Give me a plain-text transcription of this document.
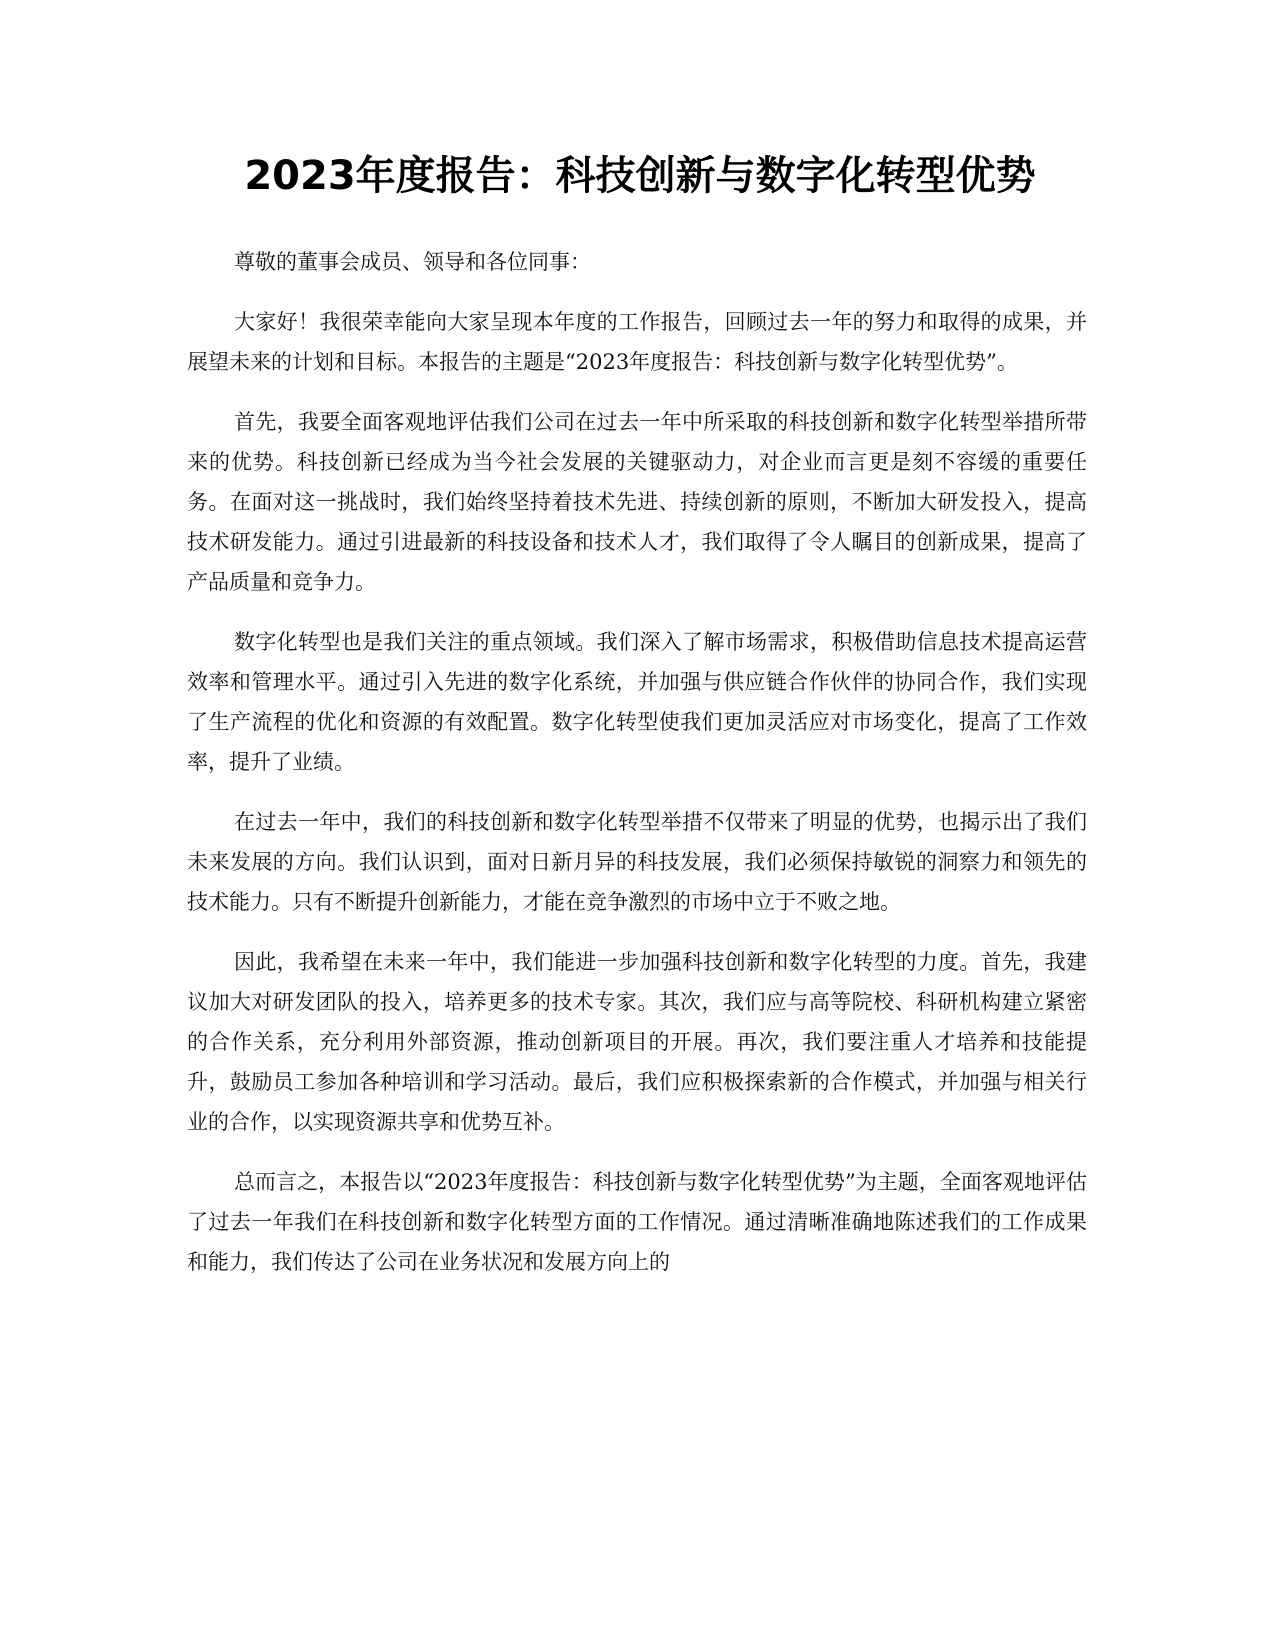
2023年度报告：科技创新与数字化转型优势

尊敬的董事会成员、领导和各位同事：

大家好！我很荣幸能向大家呈现本年度的工作报告，回顾过去一年的努力和取得的成果，并展望未来的计划和目标。本报告的主题是“2023年度报告：科技创新与数字化转型优势”。

首先，我要全面客观地评估我们公司在过去一年中所采取的科技创新和数字化转型举措所带来的优势。科技创新已经成为当今社会发展的关键驱动力，对企业而言更是刻不容缓的重要任务。在面对这一挑战时，我们始终坚持着技术先进、持续创新的原则，不断加大研发投入，提高技术研发能力。通过引进最新的科技设备和技术人才，我们取得了令人瞩目的创新成果，提高了产品质量和竞争力。

数字化转型也是我们关注的重点领域。我们深入了解市场需求，积极借助信息技术提高运营效率和管理水平。通过引入先进的数字化系统，并加强与供应链合作伙伴的协同合作，我们实现了生产流程的优化和资源的有效配置。数字化转型使我们更加灵活应对市场变化，提高了工作效率，提升了业绩。

在过去一年中，我们的科技创新和数字化转型举措不仅带来了明显的优势，也揭示出了我们未来发展的方向。我们认识到，面对日新月异的科技发展，我们必须保持敏锐的洞察力和领先的技术能力。只有不断提升创新能力，才能在竞争激烈的市场中立于不败之地。

因此，我希望在未来一年中，我们能进一步加强科技创新和数字化转型的力度。首先，我建议加大对研发团队的投入，培养更多的技术专家。其次，我们应与高等院校、科研机构建立紧密的合作关系，充分利用外部资源，推动创新项目的开展。再次，我们要注重人才培养和技能提升，鼓励员工参加各种培训和学习活动。最后，我们应积极探索新的合作模式，并加强与相关行业的合作，以实现资源共享和优势互补。

总而言之，本报告以“2023年度报告：科技创新与数字化转型优势”为主题，全面客观地评估了过去一年我们在科技创新和数字化转型方面的工作情况。通过清晰准确地陈述我们的工作成果和能力，我们传达了公司在业务状况和发展方向上的
